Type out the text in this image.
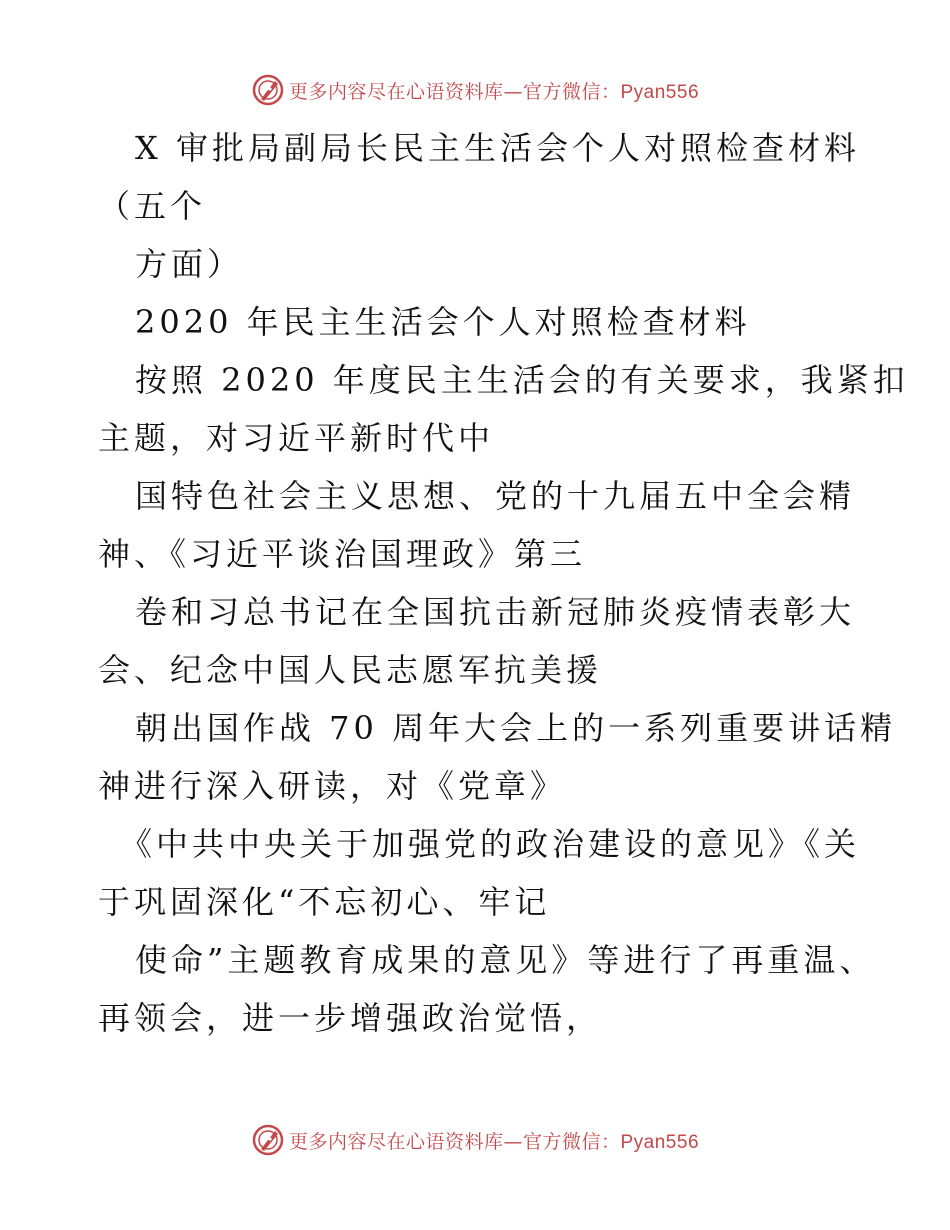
更多内容尽在心语资料库—官方微信：Pyan556
X 审批局副局长民主生活会个人对照检查材料
（五个
方面）
2020 年民主生活会个人对照检查材料
按照 2020 年度民主生活会的有关要求，我紧扣
主题，对习近平新时代中
国特色社会主义思想、党的十九届五中全会精
神、《习近平谈治国理政》第三
卷和习总书记在全国抗击新冠肺炎疫情表彰大
会、纪念中国人民志愿军抗美援
朝出国作战 70 周年大会上的一系列重要讲话精
神进行深入研读，对《党章》
《中共中央关于加强党的政治建设的意见》《关
于巩固深化“不忘初心、牢记
使命”主题教育成果的意见》等进行了再重温、
再领会，进一步增强政治觉悟，
更多内容尽在心语资料库—官方微信：Pyan556
